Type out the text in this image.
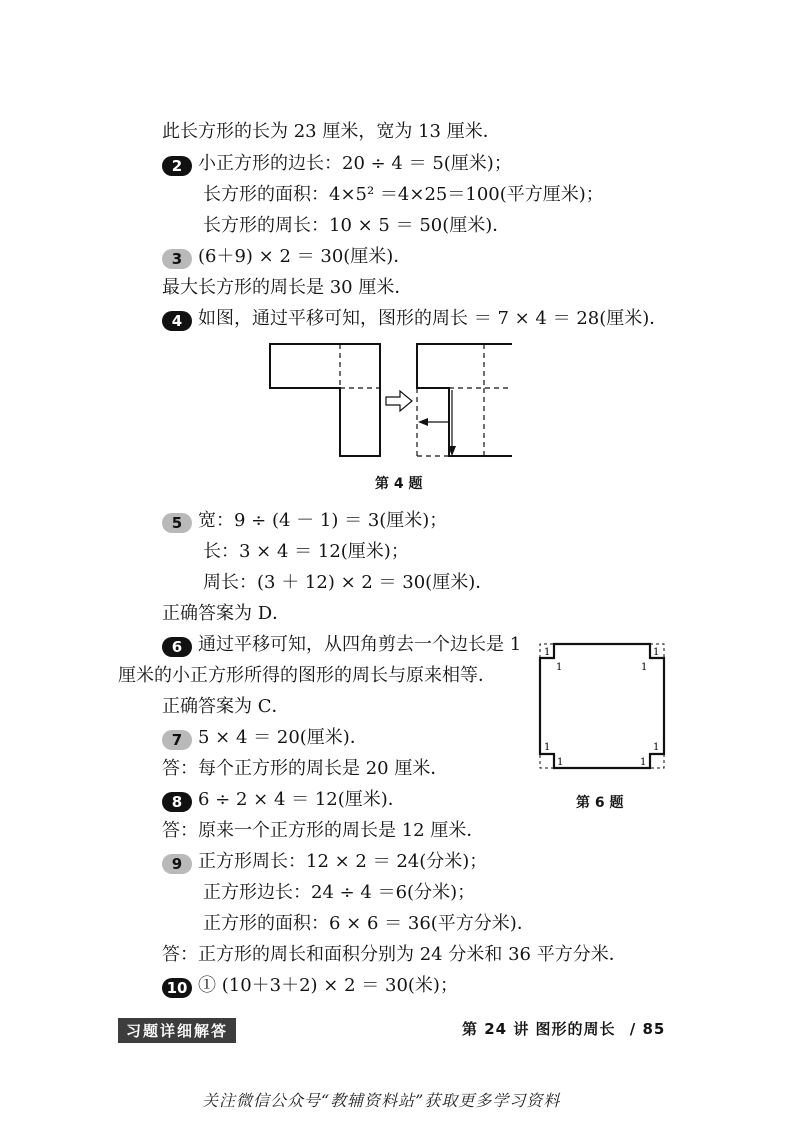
此长方形的长为 23 厘米，宽为 13 厘米．
2 小正方形的边长：20 ÷ 4 ＝ 5(厘米)；
长方形的面积：4×5² ＝4×25＝100(平方厘米)；
长方形的周长：10 × 5 ＝ 50(厘米)．
3 (6＋9) × 2 ＝ 30(厘米)．
最大长方形的周长是 30 厘米．
4 如图，通过平移可知，图形的周长 ＝ 7 × 4 ＝ 28(厘米)．
第 4 题
5 宽：9 ÷ (4 － 1) ＝ 3(厘米)；
长：3 × 4 ＝ 12(厘米)；
周长：(3 ＋ 12) × 2 ＝ 30(厘米)．
正确答案为 D．
6 通过平移可知，从四角剪去一个边长是 1
厘米的小正方形所得的图形的周长与原来相等．
正确答案为 C．
7 5 × 4 ＝ 20(厘米)．
答：每个正方形的周长是 20 厘米．
8 6 ÷ 2 × 4 ＝ 12(厘米)．
答：原来一个正方形的周长是 12 厘米．
1
1
1
1
1
1
1
1
第 6 题
9 正方形周长：12 × 2 ＝ 24(分米)；
正方形边长：24 ÷ 4 ＝6(分米)；
正方形的面积：6 × 6 ＝ 36(平方分米)．
答：正方形的周长和面积分别为 24 分米和 36 平方分米．
10 ① (10＋3＋2) × 2 ＝ 30(米)；
习题详细解答	第 24 讲 图形的周长 / 85
关注微信公众号“教辅资料站”获取更多学习资料
